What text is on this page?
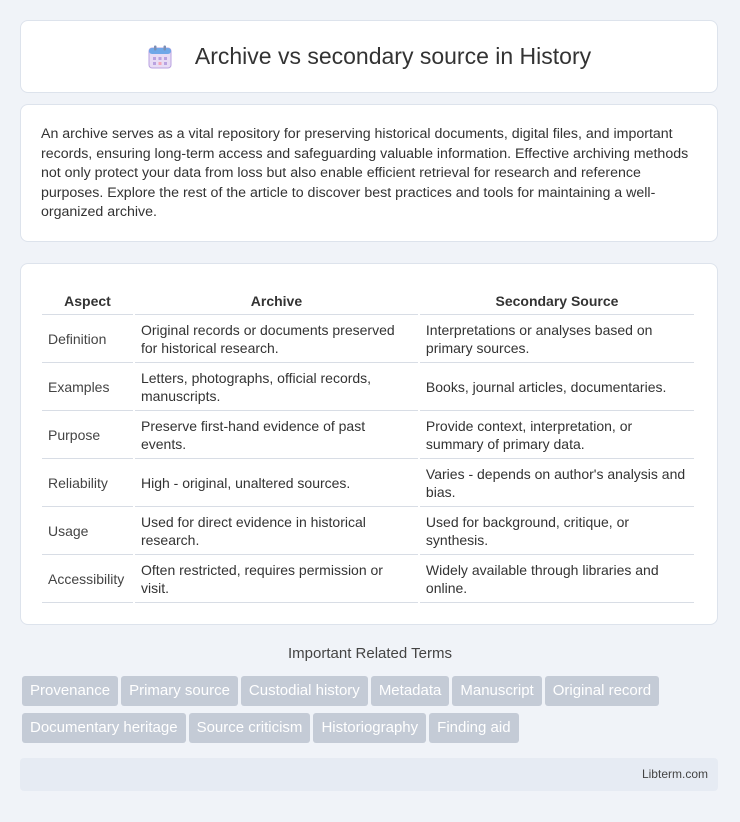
Archive vs secondary source in History

An archive serves as a vital repository for preserving historical documents, digital files, and important records, ensuring long-term access and safeguarding valuable information. Effective archiving methods not only protect your data from loss but also enable efficient retrieval for research and reference purposes. Explore the rest of the article to discover best practices and tools for maintaining a well-organized archive.

Aspect	Archive	Secondary Source
Definition	Original records or documents preserved for historical research.	Interpretations or analyses based on primary sources.
Examples	Letters, photographs, official records, manuscripts.	Books, journal articles, documentaries.
Purpose	Preserve first-hand evidence of past events.	Provide context, interpretation, or summary of primary data.
Reliability	High - original, unaltered sources.	Varies - depends on author's analysis and bias.
Usage	Used for direct evidence in historical research.	Used for background, critique, or synthesis.
Accessibility	Often restricted, requires permission or visit.	Widely available through libraries and online.
Important Related Terms
Provenance Primary source Custodial history Metadata Manuscript Original record
Documentary heritage Source criticism Historiography Finding aid
Libterm.com
